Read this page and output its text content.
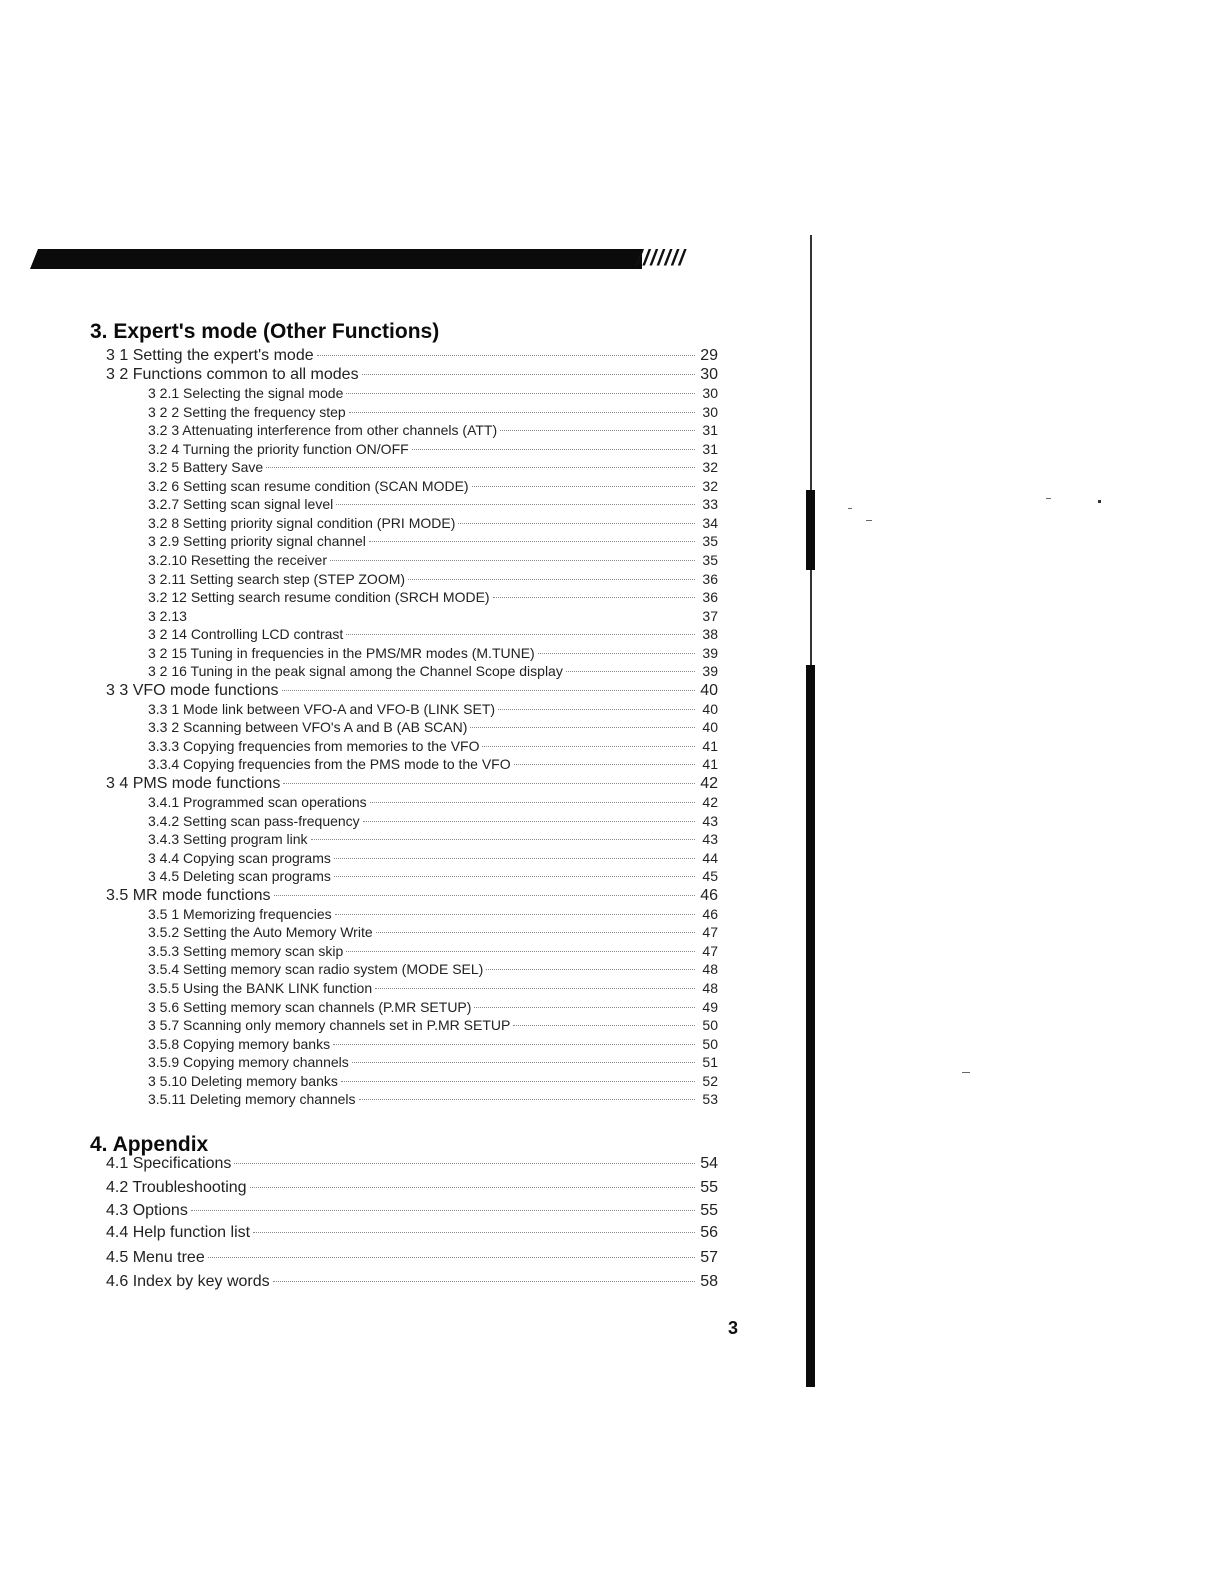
///////
3. Expert's mode (Other Functions)
3 1 Setting the expert's mode	29
3 2 Functions common to all modes	30
3 2.1 Selecting the signal mode	30
3 2 2 Setting the frequency step	30
3.2 3 Attenuating interference from other channels (ATT)	31
3.2 4 Turning the priority function ON/OFF	31
3.2 5 Battery Save	32
3.2 6 Setting scan resume condition (SCAN MODE)	32
3.2.7 Setting scan signal level	33
3.2 8 Setting priority signal condition (PRI MODE)	34
3 2.9 Setting priority signal channel	35
3.2.10 Resetting the receiver	35
3 2.11 Setting search step (STEP ZOOM)	36
3.2 12 Setting search resume condition (SRCH MODE)	36
3 2.13	37
3 2 14 Controlling LCD contrast	38
3 2 15 Tuning in frequencies in the PMS/MR modes (M.TUNE)	39
3 2 16 Tuning in the peak signal among the Channel Scope display	39
3 3 VFO mode functions	40
3.3 1 Mode link between VFO-A and VFO-B (LINK SET)	40
3.3 2 Scanning between VFO's A and B (AB SCAN)	40
3.3.3 Copying frequencies from memories to the VFO	41
3.3.4 Copying frequencies from the PMS mode to the VFO	41
3 4 PMS mode functions	42
3.4.1 Programmed scan operations	42
3.4.2 Setting scan pass-frequency	43
3.4.3 Setting program link	43
3 4.4 Copying scan programs	44
3 4.5 Deleting scan programs	45
3.5 MR mode functions	46
3.5 1 Memorizing frequencies	46
3.5.2 Setting the Auto Memory Write	47
3.5.3 Setting memory scan skip	47
3.5.4 Setting memory scan radio system (MODE SEL)	48
3.5.5 Using the BANK LINK function	48
3 5.6 Setting memory scan channels (P.MR SETUP)	49
3 5.7 Scanning only memory channels set in P.MR SETUP	50
3.5.8 Copying memory banks	50
3.5.9 Copying memory channels	51
3 5.10 Deleting memory banks	52
3.5.11 Deleting memory channels	53
4. Appendix
4.1 Specifications	54
4.2 Troubleshooting	55
4.3 Options	55
4.4 Help function list	56
4.5 Menu tree	57
4.6 Index by key words	58
3
